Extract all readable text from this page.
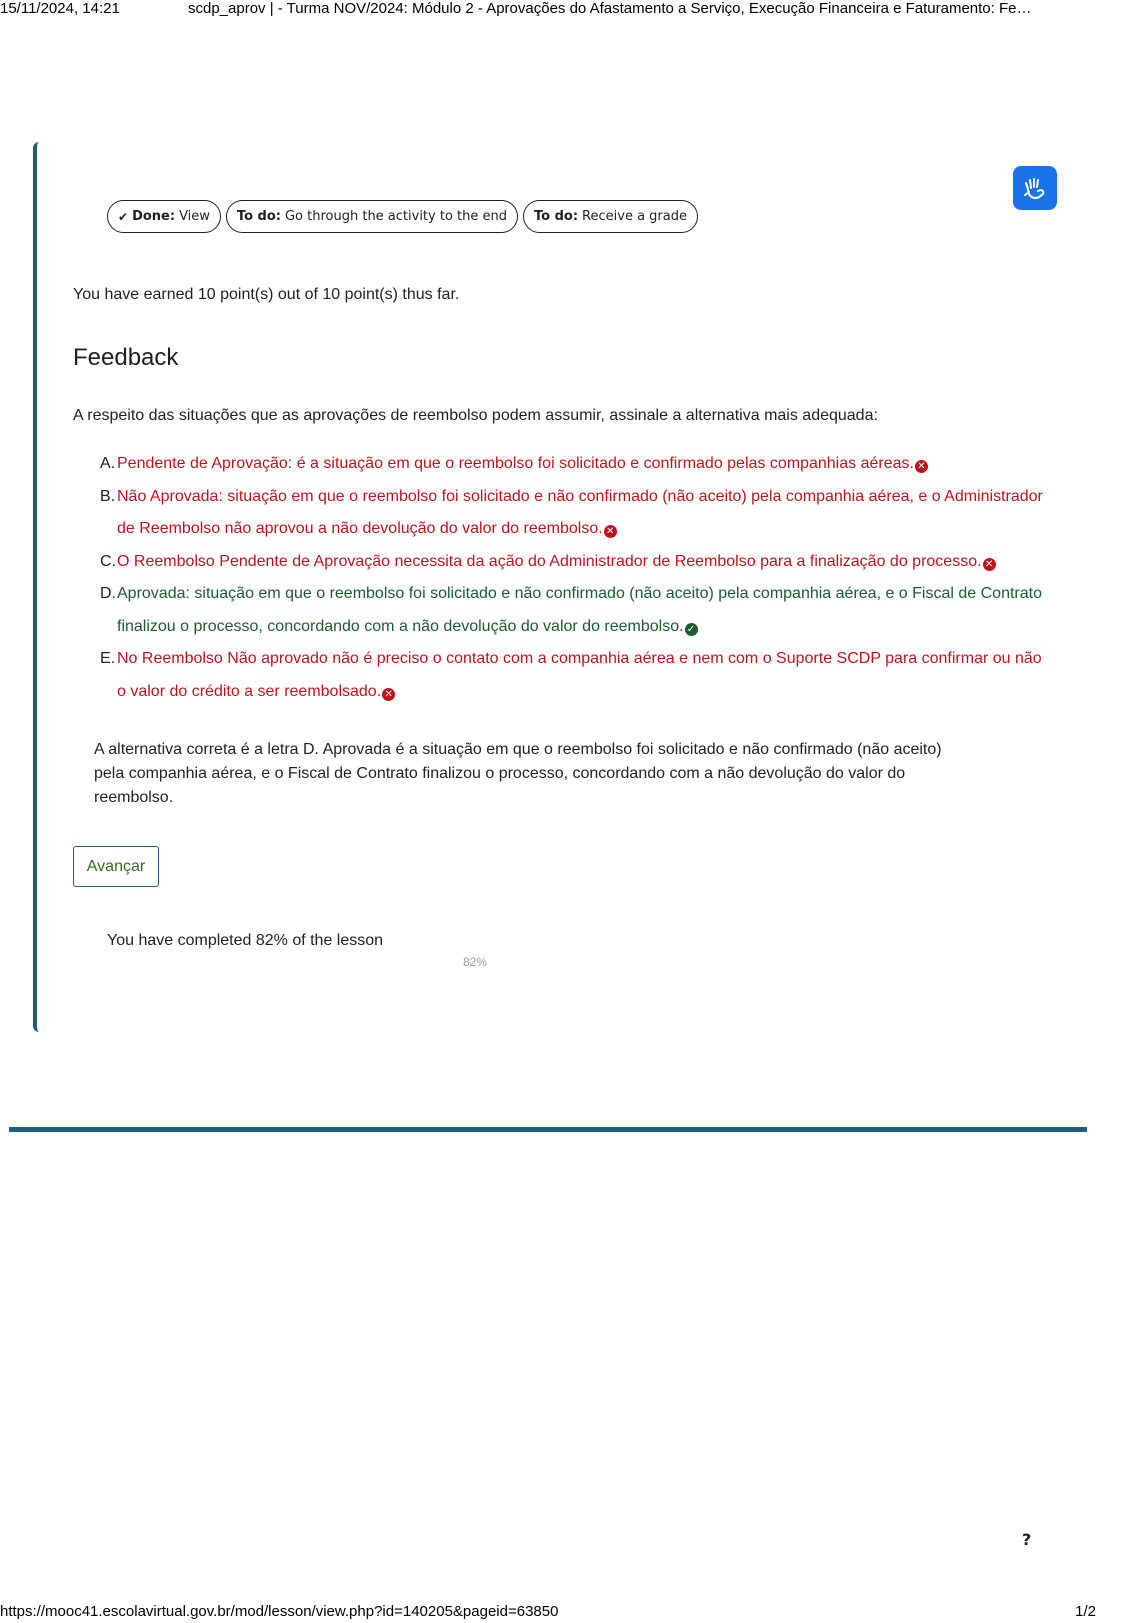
15/11/2024, 14:21	scdp_aprov | - Turma NOV/2024: Módulo 2 - Aprovações do Afastamento a Serviço, Execução Financeira e Faturamento: Fe…
✔ Done: View To do: Go through the activity to the end To do: Receive a grade
You have earned 10 point(s) out of 10 point(s) thus far.
Feedback
A respeito das situações que as aprovações de reembolso podem assumir, assinale a alternativa mais adequada:
A. Pendente de Aprovação: é a situação em que o reembolso foi solicitado e confirmado pelas companhias aéreas. ✕
B. Não Aprovada: situação em que o reembolso foi solicitado e não confirmado (não aceito) pela companhia aérea, e o Administrador de Reembolso não aprovou a não devolução do valor do reembolso. ✕
C. O Reembolso Pendente de Aprovação necessita da ação do Administrador de Reembolso para a finalização do processo. ✕
D. Aprovada: situação em que o reembolso foi solicitado e não confirmado (não aceito) pela companhia aérea, e o Fiscal de Contrato finalizou o processo, concordando com a não devolução do valor do reembolso. ✓
E. No Reembolso Não aprovado não é preciso o contato com a companhia aérea e nem com o Suporte SCDP para confirmar ou não o valor do crédito a ser reembolsado. ✕
A alternativa correta é a letra D. Aprovada é a situação em que o reembolso foi solicitado e não confirmado (não aceito) pela companhia aérea, e o Fiscal de Contrato finalizou o processo, concordando com a não devolução do valor do reembolso.
Avançar
You have completed 82% of the lesson
82%
?
https://mooc41.escolavirtual.gov.br/mod/lesson/view.php?id=140205&pageid=63850	1/2
